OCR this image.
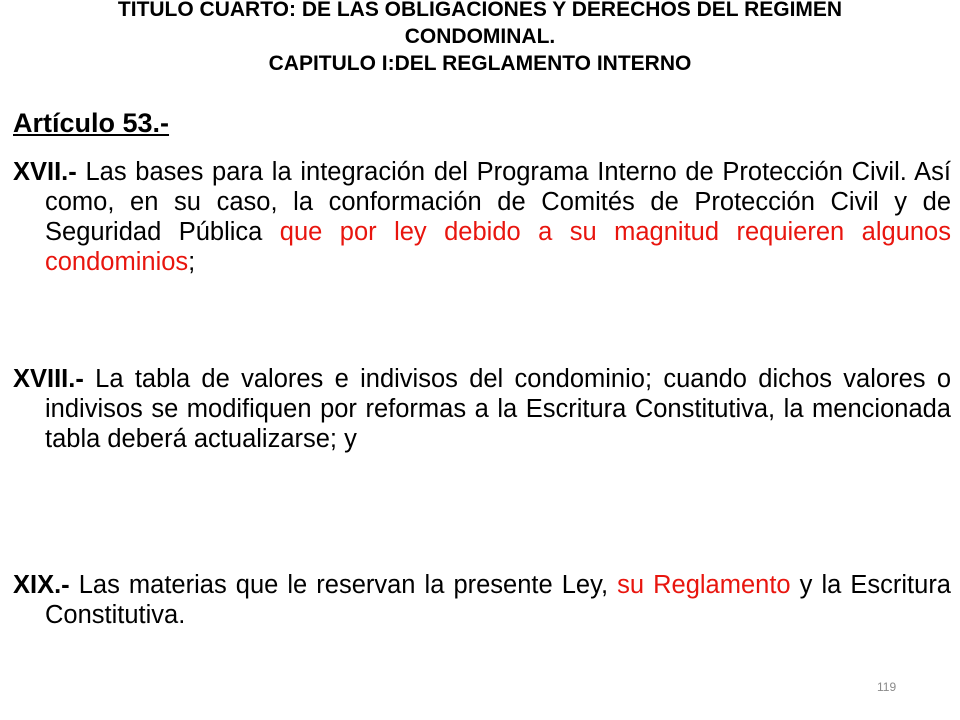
TITULO CUARTO: DE LAS OBLIGACIONES Y DERECHOS DEL REGIMEN
CONDOMINAL.
CAPITULO I:DEL REGLAMENTO INTERNO
Artículo 53.-
XVII.- Las bases para la integración del Programa Interno de Protección Civil. Así como, en su caso, la conformación de Comités de Protección Civil y de Seguridad Pública que por ley debido a su magnitud requieren algunos condominios;
XVIII.- La tabla de valores e indivisos del condominio; cuando dichos valores o indivisos se modifiquen por reformas a la Escritura Constitutiva, la mencionada tabla deberá actualizarse; y
XIX.- Las materias que le reservan la presente Ley, su Reglamento y la Escritura Constitutiva.
119
